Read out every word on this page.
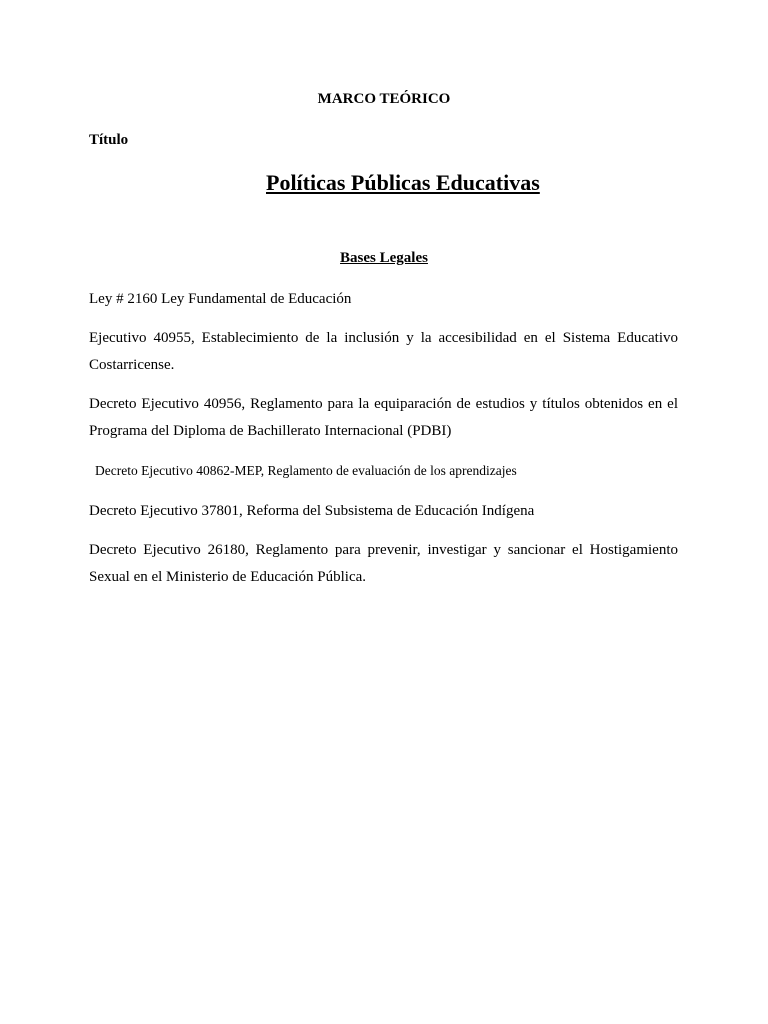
MARCO TEÓRICO
Título
Políticas Públicas Educativas
Bases Legales
Ley # 2160 Ley Fundamental de Educación
Ejecutivo 40955, Establecimiento de la inclusión y la accesibilidad en el Sistema Educativo Costarricense.
Decreto Ejecutivo 40956, Reglamento para la equiparación de estudios y títulos obtenidos en el Programa del Diploma de Bachillerato Internacional (PDBI)
Decreto Ejecutivo 40862-MEP, Reglamento de evaluación de los aprendizajes
Decreto Ejecutivo 37801, Reforma del Subsistema de Educación Indígena
Decreto Ejecutivo 26180, Reglamento para prevenir, investigar y sancionar el Hostigamiento Sexual en el Ministerio de Educación Pública.
